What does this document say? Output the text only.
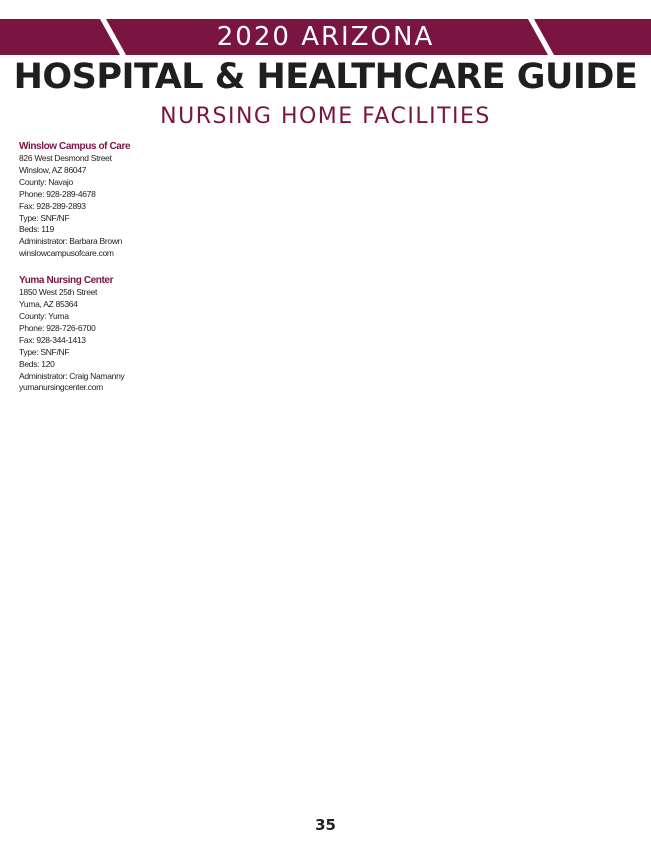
2020 ARIZONA
HOSPITAL & HEALTHCARE GUIDE
NURSING HOME FACILITIES
Winslow Campus of Care
826 West Desmond Street
Winslow, AZ 86047
County: Navajo
Phone: 928-289-4678
Fax: 928-289-2893
Type: SNF/NF
Beds: 119
Administrator: Barbara Brown
winslowcampusofcare.com
Yuma Nursing Center
1850 West 25th Street
Yuma, AZ 85364
County: Yuma
Phone: 928-726-6700
Fax: 928-344-1413
Type: SNF/NF
Beds: 120
Administrator: Craig Namanny
yumanursingcenter.com
35
